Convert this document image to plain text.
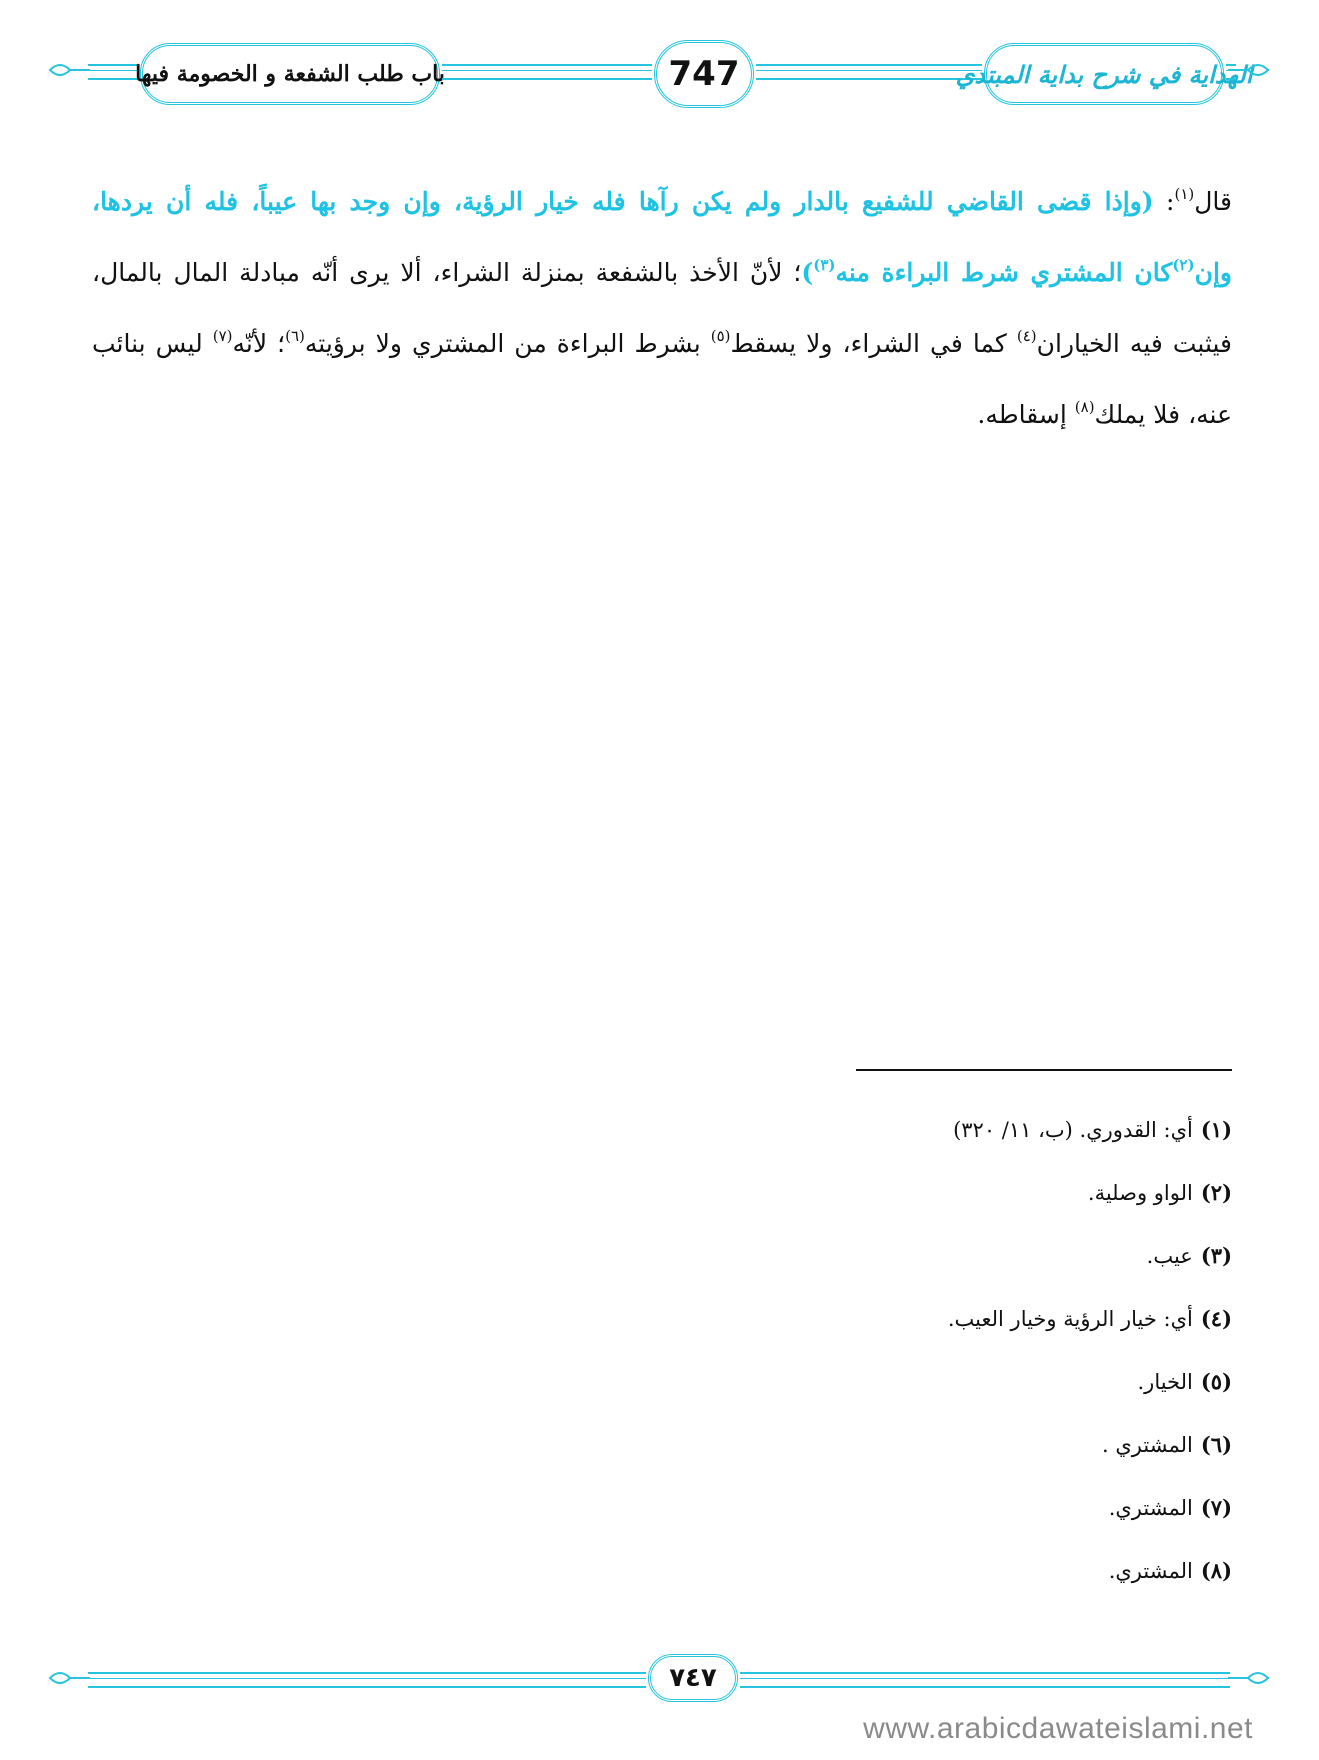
باب طلب الشفعة و الخصومة فيها	747	الهداية في شرح بداية المبتدي
قال( $^١$ ): (وإذا قضى القاضي للشفيع بالدار ولم يكن رآها فله خيار الرؤية، وإن وجد بها عيباً، فله أن يردها، وإن( $^٢$ )كان المشتري شرط البراءة منه( $^٣$ ))؛ لأنّ الأخذ بالشفعة بمنزلة الشراء، ألا يرى أنّه مبادلة المال بالمال، فيثبت فيه الخياران( $^٤$ ) كما في الشراء، ولا يسقط( $^٥$ ) بشرط البراءة من المشتري ولا برؤيته( $^٦$ )؛ لأنّه( $^٧$ ) ليس بنائب عنه، فلا يملك( $^٨$ ) إسقاطه.
(١)أي: القدوري. (ب، ١١/ ٣٢٠)
(٢)الواو وصلية.
(٣)عيب.
(٤)أي: خيار الرؤية وخيار العيب.
(٥)الخيار.
(٦)المشتري .
(٧)المشتري.
(٨)المشتري.
٧٤٧
www.arabicdawateislami.net
